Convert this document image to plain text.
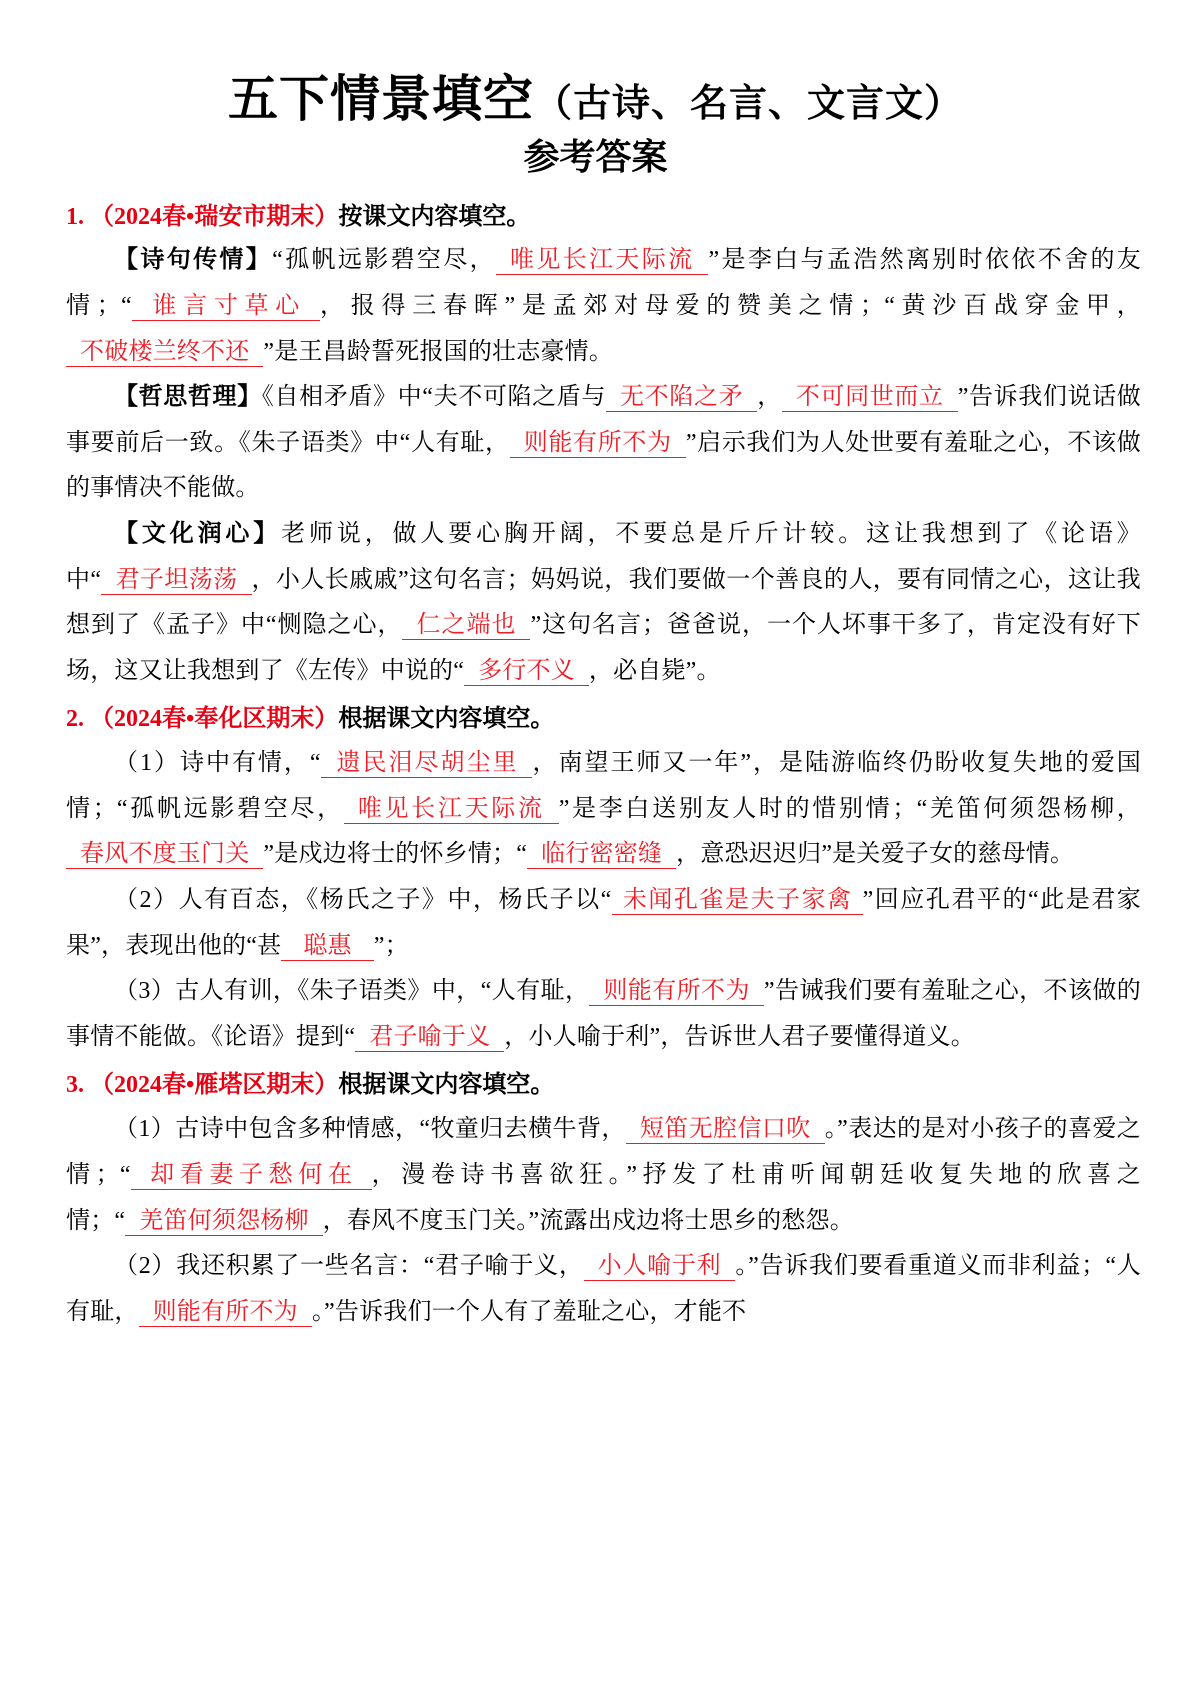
五下情景填空（古诗、名言、文言文）
参考答案

1. （2024春•瑞安市期末）按课文内容填空。

【诗句传情】“孤帆远影碧空尽， 唯见长江天际流 ”是李白与孟浩然离别时依依不舍的友情；“ 谁言寸草心 ，报得三春晖”是孟郊对母爱的赞美之情；“黄沙百战穿金甲，不破楼兰终不还 ”是王昌龄誓死报国的壮志豪情。

【哲思哲理】《自相矛盾》中“夫不可陷之盾与 无不陷之矛 ， 不可同世而立 ”告诉我们说话做事要前后一致。《朱子语类》中“人有耻， 则能有所不为 ”启示我们为人处世要有羞耻之心，不该做的事情决不能做。

【文化润心】老师说，做人要心胸开阔，不要总是斤斤计较。这让我想到了《论语》中“ 君子坦荡荡 ，小人长戚戚”这句名言；妈妈说，我们要做一个善良的人，要有同情之心，这让我想到了《孟子》中“恻隐之心， 仁之端也 ”这句名言；爸爸说，一个人坏事干多了，肯定没有好下场，这又让我想到了《左传》中说的“ 多行不义 ，必自毙”。

2. （2024春•奉化区期末）根据课文内容填空。

（1）诗中有情，“ 遗民泪尽胡尘里 ，南望王师又一年”，是陆游临终仍盼收复失地的爱国情；“孤帆远影碧空尽， 唯见长江天际流 ”是李白送别友人时的惜别情；“羌笛何须怨杨柳，春风不度玉门关 ”是戍边将士的怀乡情；“ 临行密密缝 ，意恐迟迟归”是关爱子女的慈母情。

（2）人有百态，《杨氏之子》中，杨氏子以“ 未闻孔雀是夫子家禽 ”回应孔君平的“此是君家果”，表现出他的“甚 聪惠 ”；

（3）古人有训，《朱子语类》中，“人有耻， 则能有所不为 ”告诫我们要有羞耻之心，不该做的事情不能做。《论语》提到“ 君子喻于义 ，小人喻于利”，告诉世人君子要懂得道义。

3. （2024春•雁塔区期末）根据课文内容填空。

（1）古诗中包含多种情感，“牧童归去横牛背， 短笛无腔信口吹 。”表达的是对小孩子的喜爱之情；“ 却看妻子愁何在 ，漫卷诗书喜欲狂。”抒发了杜甫听闻朝廷收复失地的欣喜之情；“ 羌笛何须怨杨柳 ，春风不度玉门关。”流露出戍边将士思乡的愁怨。

（2）我还积累了一些名言：“君子喻于义， 小人喻于利 。”告诉我们要看重道义而非利益；“人有耻， 则能有所不为 。”告诉我们一个人有了羞耻之心，才能不
